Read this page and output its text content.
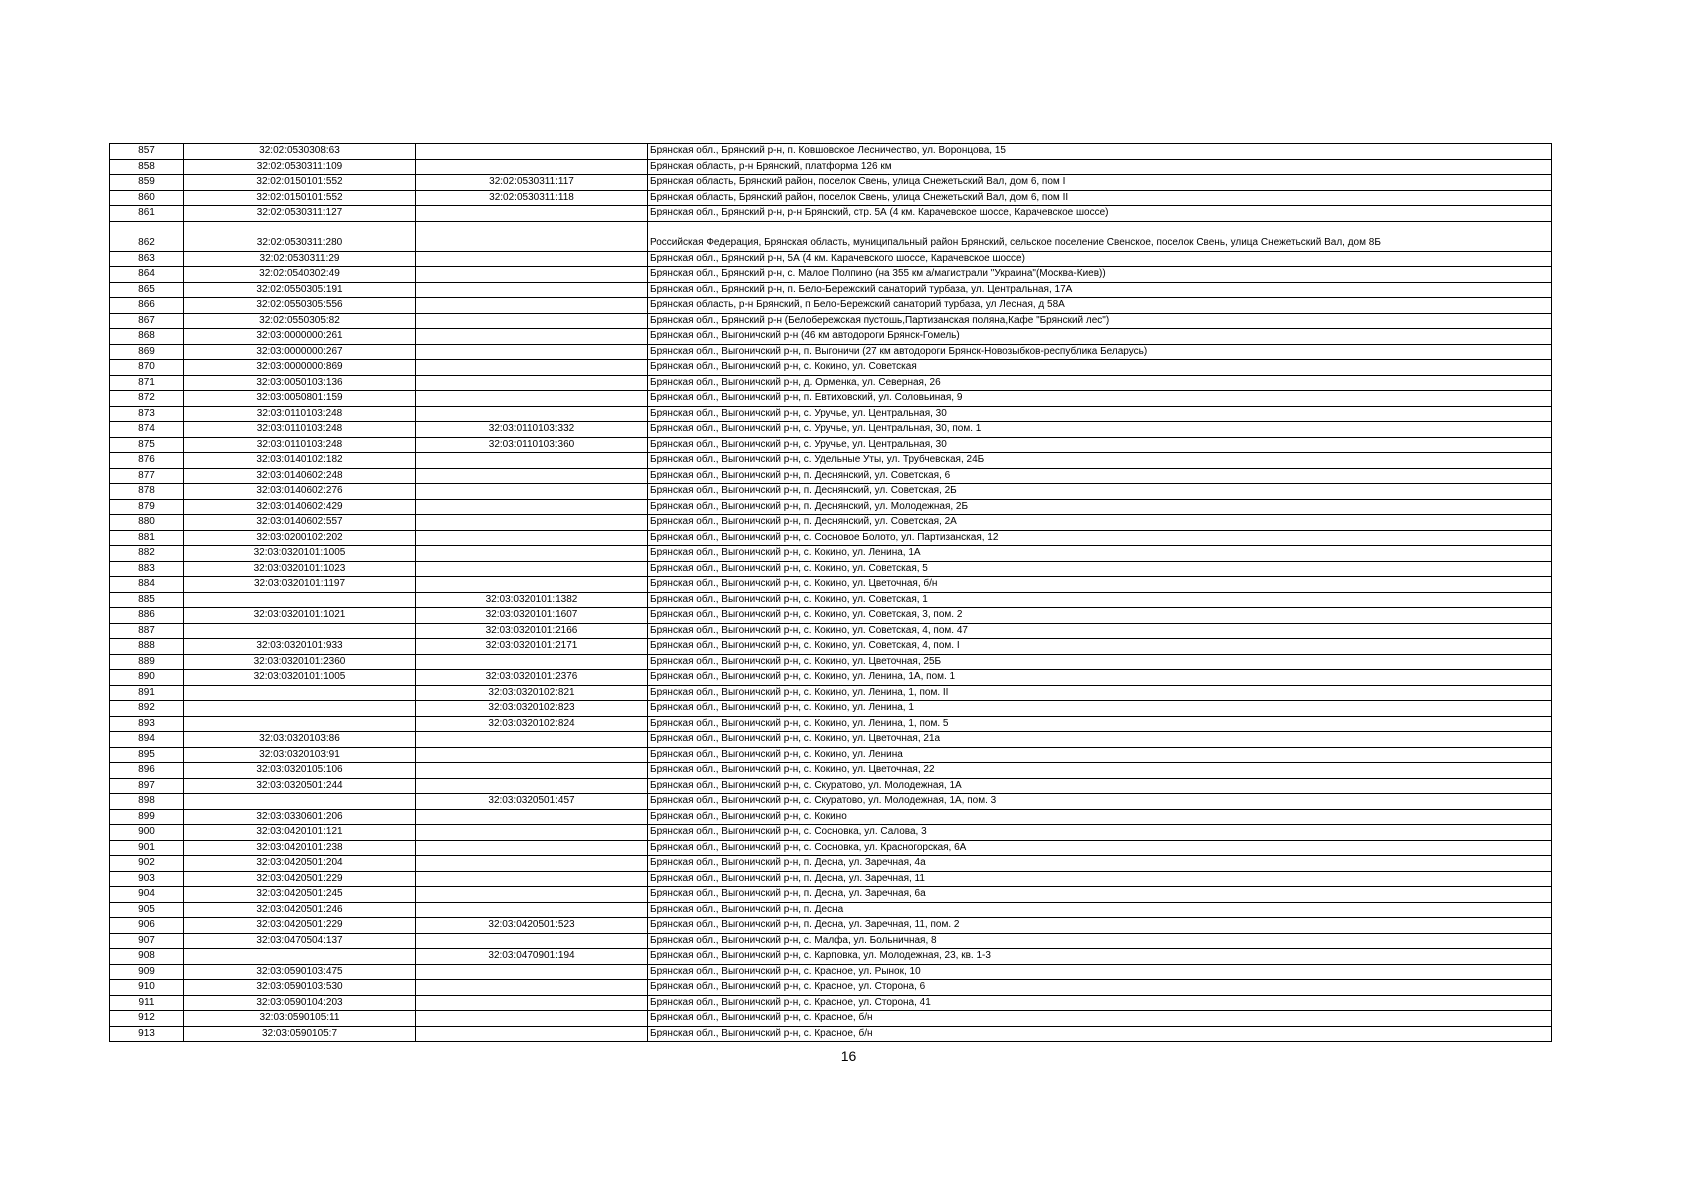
857	32:02:0530308:63		Брянская обл., Брянский р-н, п. Ковшовское Лесничество, ул. Воронцова, 15
858	32:02:0530311:109		Брянская область, р-н Брянский, платформа 126 км
859	32:02:0150101:552	32:02:0530311:117	Брянская область, Брянский район, поселок Свень, улица Снежетьский Вал, дом 6, пом I
860	32:02:0150101:552	32:02:0530311:118	Брянская область, Брянский район, поселок Свень, улица Снежетьский Вал, дом 6, пом II
861	32:02:0530311:127		Брянская обл., Брянский р-н, р-н Брянский, стр. 5А (4 км. Карачевское шоссе, Карачевское шоссе)
862	32:02:0530311:280		Российская Федерация, Брянская область, муниципальный район Брянский, сельское поселение Свенское, поселок Свень, улица Снежетьский Вал, дом 8Б
863	32:02:0530311:29		Брянская обл., Брянский р-н, 5А (4 км. Карачевского шоссе, Карачевское шоссе)
864	32:02:0540302:49		Брянская обл., Брянский р-н, с. Малое Полпино (на 355 км а/магистрали "Украина"(Москва-Киев))
865	32:02:0550305:191		Брянская обл., Брянский р-н, п. Бело-Бережский санаторий турбаза, ул. Центральная, 17А
866	32:02:0550305:556		Брянская область, р-н Брянский, п Бело-Бережский санаторий турбаза, ул Лесная, д 58А
867	32:02:0550305:82		Брянская обл., Брянский р-н (Белобережская пустошь,Партизанская поляна,Кафе "Брянский лес")
868	32:03:0000000:261		Брянская обл., Выгоничский р-н (46 км автодороги Брянск-Гомель)
869	32:03:0000000:267		Брянская обл., Выгоничский р-н, п. Выгоничи (27 км автодороги Брянск-Новозыбков-республика Беларусь)
870	32:03:0000000:869		Брянская обл., Выгоничский р-н, с. Кокино, ул. Советская
871	32:03:0050103:136		Брянская обл., Выгоничский р-н, д. Орменка, ул. Северная, 26
872	32:03:0050801:159		Брянская обл., Выгоничский р-н, п. Евтиховский, ул. Соловьиная, 9
873	32:03:0110103:248		Брянская обл., Выгоничский р-н, с. Уручье, ул. Центральная, 30
874	32:03:0110103:248	32:03:0110103:332	Брянская обл., Выгоничский р-н, с. Уручье, ул. Центральная, 30, пом. 1
875	32:03:0110103:248	32:03:0110103:360	Брянская обл., Выгоничский р-н, с. Уручье, ул. Центральная, 30
876	32:03:0140102:182		Брянская обл., Выгоничский р-н, с. Удельные Уты, ул. Трубчевская, 24Б
877	32:03:0140602:248		Брянская обл., Выгоничский р-н, п. Деснянский, ул. Советская, 6
878	32:03:0140602:276		Брянская обл., Выгоничский р-н, п. Деснянский, ул. Советская, 2Б
879	32:03:0140602:429		Брянская обл., Выгоничский р-н, п. Деснянский, ул. Молодежная, 2Б
880	32:03:0140602:557		Брянская обл., Выгоничский р-н, п. Деснянский, ул. Советская, 2А
881	32:03:0200102:202		Брянская обл., Выгоничский р-н, с. Сосновое Болото, ул. Партизанская, 12
882	32:03:0320101:1005		Брянская обл., Выгоничский р-н, с. Кокино, ул. Ленина, 1А
883	32:03:0320101:1023		Брянская обл., Выгоничский р-н, с. Кокино, ул. Советская, 5
884	32:03:0320101:1197		Брянская обл., Выгоничский р-н, с. Кокино, ул. Цветочная, б/н
885		32:03:0320101:1382	Брянская обл., Выгоничский р-н, с. Кокино, ул. Советская, 1
886	32:03:0320101:1021	32:03:0320101:1607	Брянская обл., Выгоничский р-н, с. Кокино, ул. Советская, 3, пом. 2
887		32:03:0320101:2166	Брянская обл., Выгоничский р-н, с. Кокино, ул. Советская, 4, пом. 47
888	32:03:0320101:933	32:03:0320101:2171	Брянская обл., Выгоничский р-н, с. Кокино, ул. Советская, 4, пом. I
889	32:03:0320101:2360		Брянская обл., Выгоничский р-н, с. Кокино, ул. Цветочная, 25Б
890	32:03:0320101:1005	32:03:0320101:2376	Брянская обл., Выгоничский р-н, с. Кокино, ул. Ленина, 1А, пом. 1
891		32:03:0320102:821	Брянская обл., Выгоничский р-н, с. Кокино, ул. Ленина, 1, пом. II
892		32:03:0320102:823	Брянская обл., Выгоничский р-н, с. Кокино, ул. Ленина, 1
893		32:03:0320102:824	Брянская обл., Выгоничский р-н, с. Кокино, ул. Ленина, 1, пом. 5
894	32:03:0320103:86		Брянская обл., Выгоничский р-н, с. Кокино, ул. Цветочная, 21а
895	32:03:0320103:91		Брянская обл., Выгоничский р-н, с. Кокино, ул. Ленина
896	32:03:0320105:106		Брянская обл., Выгоничский р-н, с. Кокино, ул. Цветочная, 22
897	32:03:0320501:244		Брянская обл., Выгоничский р-н, с. Скуратово, ул. Молодежная, 1А
898		32:03:0320501:457	Брянская обл., Выгоничский р-н, с. Скуратово, ул. Молодежная, 1А, пом. 3
899	32:03:0330601:206		Брянская обл., Выгоничский р-н, с. Кокино
900	32:03:0420101:121		Брянская обл., Выгоничский р-н, с. Сосновка, ул. Салова, 3
901	32:03:0420101:238		Брянская обл., Выгоничский р-н, с. Сосновка, ул. Красногорская, 6А
902	32:03:0420501:204		Брянская обл., Выгоничский р-н, п. Десна, ул. Заречная, 4а
903	32:03:0420501:229		Брянская обл., Выгоничский р-н, п. Десна, ул. Заречная, 11
904	32:03:0420501:245		Брянская обл., Выгоничский р-н, п. Десна, ул. Заречная, 6а
905	32:03:0420501:246		Брянская обл., Выгоничский р-н, п. Десна
906	32:03:0420501:229	32:03:0420501:523	Брянская обл., Выгоничский р-н, п. Десна, ул. Заречная, 11, пом. 2
907	32:03:0470504:137		Брянская обл., Выгоничский р-н, с. Малфа, ул. Больничная, 8
908		32:03:0470901:194	Брянская обл., Выгоничский р-н, с. Карповка, ул. Молодежная, 23, кв. 1-3
909	32:03:0590103:475		Брянская обл., Выгоничский р-н, с. Красное, ул. Рынок, 10
910	32:03:0590103:530		Брянская обл., Выгоничский р-н, с. Красное, ул. Сторона, 6
911	32:03:0590104:203		Брянская обл., Выгоничский р-н, с. Красное, ул. Сторона, 41
912	32:03:0590105:11		Брянская обл., Выгоничский р-н, с. Красное, б/н
913	32:03:0590105:7		Брянская обл., Выгоничский р-н, с. Красное, б/н
16
